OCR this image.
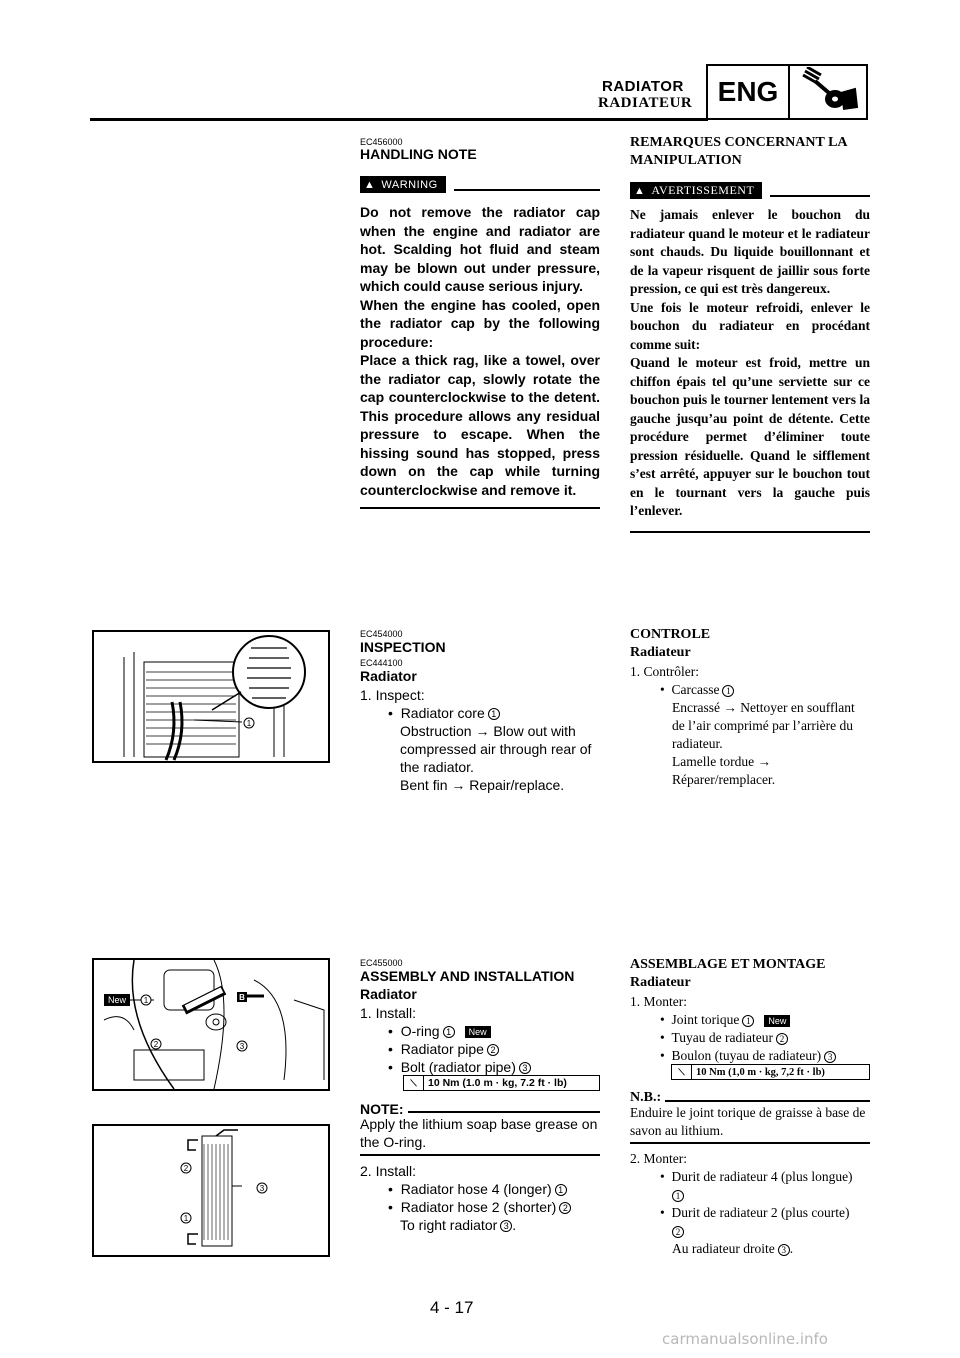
RADIATOR
RADIATEUR ENG
EC456000
HANDLING NOTE
▲ WARNING
Do not remove the radiator cap when the engine and radiator are hot. Scalding hot fluid and steam may be blown out under pressure, which could cause serious injury.
When the engine has cooled, open the radiator cap by the following procedure:
Place a thick rag, like a towel, over the radiator cap, slowly rotate the cap counterclockwise to the detent. This procedure allows any residual pressure to escape. When the hissing sound has stopped, press down on the cap while turning counterclockwise and remove it.
REMARQUES CONCERNANT LA MANIPULATION
▲ AVERTISSEMENT
Ne jamais enlever le bouchon du radiateur quand le moteur et le radiateur sont chauds. Du liquide bouillonnant et de la vapeur risquent de jaillir sous forte pression, ce qui est très dangereux.
Une fois le moteur refroidi, enlever le bouchon du radiateur en procédant comme suit:
Quand le moteur est froid, mettre un chiffon épais tel qu’une serviette sur ce bouchon puis le tourner lentement vers la gauche jusqu’au point de détente. Cette procédure permet d’éliminer toute pression résiduelle. Quand le sifflement s’est arrêté, appuyer sur le bouchon tout en le tournant vers la gauche puis l’enlever.
1
EC454000
INSPECTION
EC444100
Radiator
1. Inspect:
•  Radiator core 1
Obstruction → Blow out with compressed air through rear of the radiator.
Bent fin → Repair/replace.
CONTROLE
Radiateur
1. Contrôler:
•  Carcasse 1
Encrassé → Nettoyer en soufflant de l’air comprimé par l’arrière du radiateur.
Lamelle tordue → Réparer/remplacer.
New	B
1
2	3
2
3
1
EC455000
ASSEMBLY AND INSTALLATION
Radiator
1. Install:
•  O-ring 1 New
•  Radiator pipe 2
•  Bolt (radiator pipe) 3
⟍	10 Nm (1.0 m · kg, 7.2 ft · lb)
NOTE:
Apply the lithium soap base grease on the O-ring.
2. Install:
•  Radiator hose 4 (longer) 1
•  Radiator hose 2 (shorter) 2
To right radiator 3 .
ASSEMBLAGE ET MONTAGE
Radiateur
1. Monter:
•  Joint torique 1 New
•  Tuyau de radiateur 2
•  Boulon (tuyau de radiateur) 3
⟍	10 Nm (1,0 m · kg, 7,2 ft · lb)
N.B.:
Enduire le joint torique de graisse à base de savon au lithium.
2. Monter:
•  Durit de radiateur 4 (plus longue)
1
•  Durit de radiateur 2 (plus courte)
2
Au radiateur droite 3 .
4 - 17
carmanualsonline.info
